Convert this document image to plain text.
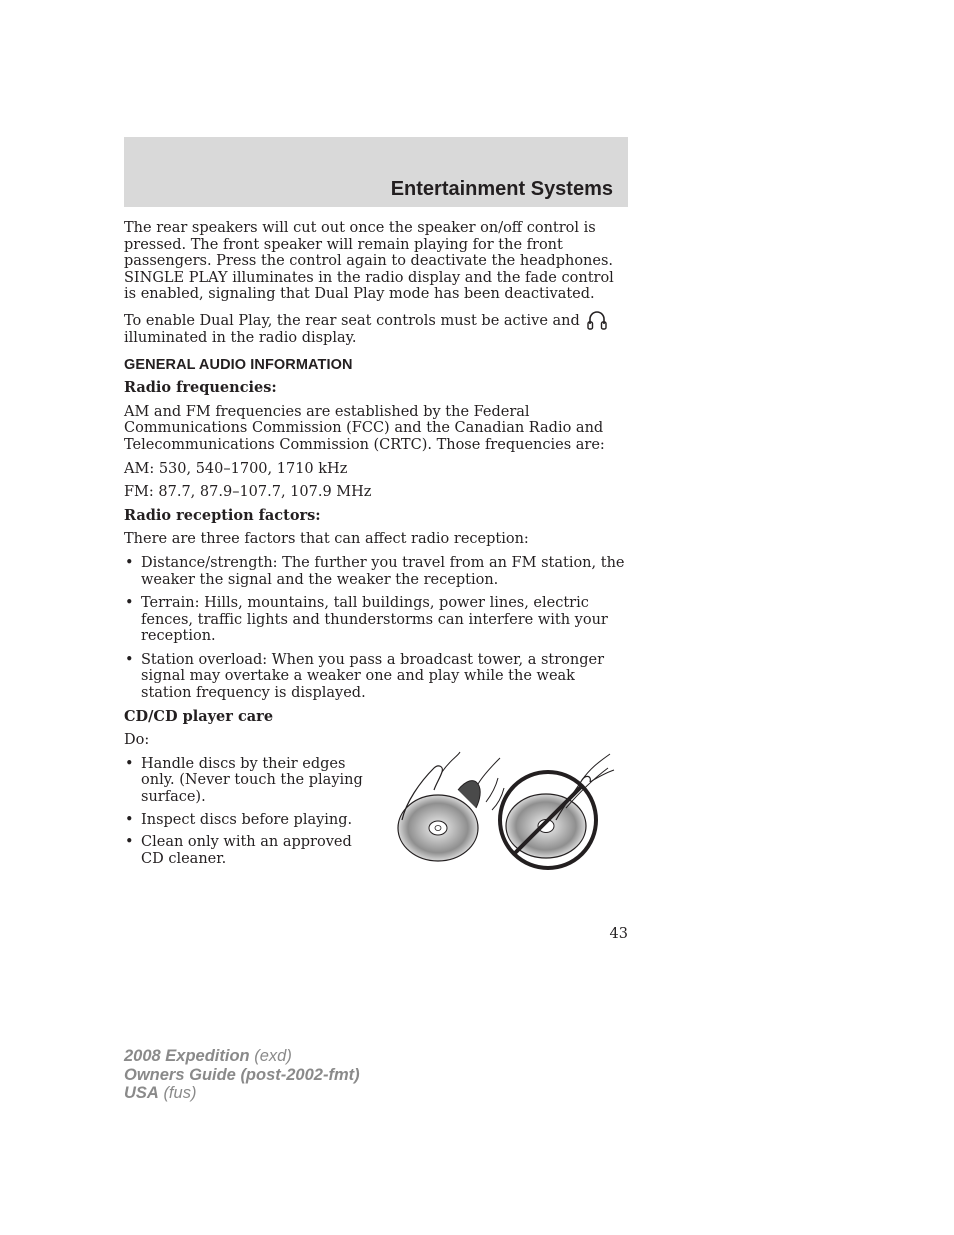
Entertainment Systems

The rear speakers will cut out once the speaker on/off control is pressed. The front speaker will remain playing for the front passengers. Press the control again to deactivate the headphones. SINGLE PLAY illuminates in the radio display and the fade control is enabled, signaling that Dual Play mode has been deactivated.

To enable Dual Play, the rear seat controls must be active and  illuminated in the radio display.

GENERAL AUDIO INFORMATION

Radio frequencies:

AM and FM frequencies are established by the Federal Communications Commission (FCC) and the Canadian Radio and Telecommunications Commission (CRTC). Those frequencies are:

AM: 530, 540–1700, 1710 kHz

FM: 87.7, 87.9–107.7, 107.9 MHz

Radio reception factors:

There are three factors that can affect radio reception:

• Distance/strength: The further you travel from an FM station, the weaker the signal and the weaker the reception.
• Terrain: Hills, mountains, tall buildings, power lines, electric fences, traffic lights and thunderstorms can interfere with your reception.
• Station overload: When you pass a broadcast tower, a stronger signal may overtake a weaker one and play while the weak station frequency is displayed.

CD/CD player care

Do:

• Handle discs by their edges only. (Never touch the playing surface).
• Inspect discs before playing.
• Clean only with an approved CD cleaner.
43
2008 Expedition (exd)
Owners Guide (post-2002-fmt)
USA (fus)
